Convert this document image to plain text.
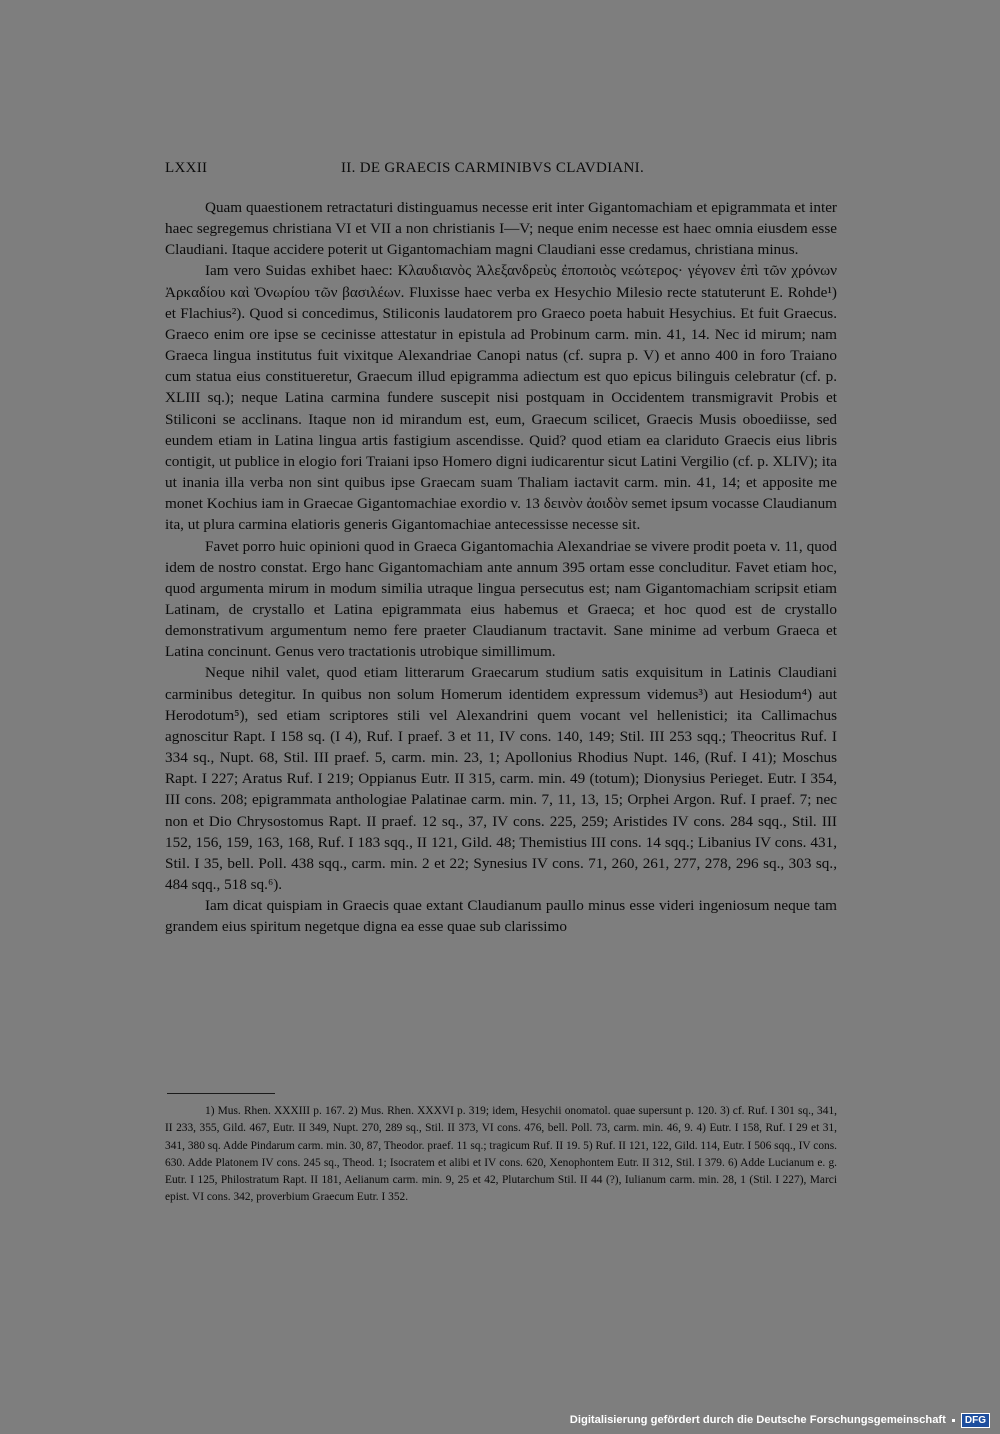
LXXII	II. DE GRAECIS CARMINIBVS CLAVDIANI.

Quam quaestionem retractaturi distinguamus necesse erit inter Gigantomachiam et epigrammata et inter haec segregemus christiana VI et VII a non christianis I—V; neque enim necesse est haec omnia eiusdem esse Claudiani. Itaque accidere poterit ut Gigantomachiam magni Claudiani esse credamus, christiana minus.

Iam vero Suidas exhibet haec: Κλαυδιανὸς Ἀλεξανδρεὺς ἐποποιὸς νεώτερος· γέγονεν ἐπὶ τῶν χρόνων Ἀρκαδίου καὶ Ὀνωρίου τῶν βασιλέων. Fluxisse haec verba ex Hesychio Milesio recte statuterunt E. Rohde¹) et Flachius²). Quod si concedimus, Stiliconis laudatorem pro Graeco poeta habuit Hesychius. Et fuit Graecus. Graeco enim ore ipse se cecinisse attestatur in epistula ad Probinum carm. min. 41, 14. Nec id mirum; nam Graeca lingua institutus fuit vixitque Alexandriae Canopi natus (cf. supra p. V) et anno 400 in foro Traiano cum statua eius constitueretur, Graecum illud epigramma adiectum est quo epicus bilinguis celebratur (cf. p. XLIII sq.); neque Latina carmina fundere suscepit nisi postquam in Occidentem transmigravit Probis et Stiliconi se acclinans. Itaque non id mirandum est, eum, Graecum scilicet, Graecis Musis oboediisse, sed eundem etiam in Latina lingua artis fastigium ascendisse. Quid? quod etiam ea clariduto Graecis eius libris contigit, ut publice in elogio fori Traiani ipso Homero digni iudicarentur sicut Latini Vergilio (cf. p. XLIV); ita ut inania illa verba non sint quibus ipse Graecam suam Thaliam iactavit carm. min. 41, 14; et apposite me monet Kochius iam in Graecae Gigantomachiae exordio v. 13 δεινὸν ἀοιδὸν semet ipsum vocasse Claudianum ita, ut plura carmina elatioris generis Gigantomachiae antecessisse necesse sit.

Favet porro huic opinioni quod in Graeca Gigantomachia Alexandriae se vivere prodit poeta v. 11, quod idem de nostro constat. Ergo hanc Gigantomachiam ante annum 395 ortam esse concluditur. Favet etiam hoc, quod argumenta mirum in modum similia utraque lingua persecutus est; nam Gigantomachiam scripsit etiam Latinam, de crystallo et Latina epigrammata eius habemus et Graeca; et hoc quod est de crystallo demonstrativum argumentum nemo fere praeter Claudianum tractavit. Sane minime ad verbum Graeca et Latina concinunt. Genus vero tractationis utrobique simillimum.

Neque nihil valet, quod etiam litterarum Graecarum studium satis exquisitum in Latinis Claudiani carminibus detegitur. In quibus non solum Homerum identidem expressum videmus³) aut Hesiodum⁴) aut Herodotum⁵), sed etiam scriptores stili vel Alexandrini quem vocant vel hellenistici; ita Callimachus agnoscitur Rapt. I 158 sq. (I 4), Ruf. I praef. 3 et 11, IV cons. 140, 149; Stil. III 253 sqq.; Theocritus Ruf. I 334 sq., Nupt. 68, Stil. III praef. 5, carm. min. 23, 1; Apollonius Rhodius Nupt. 146, (Ruf. I 41); Moschus Rapt. I 227; Aratus Ruf. I 219; Oppianus Eutr. II 315, carm. min. 49 (totum); Dionysius Perieget. Eutr. I 354, III cons. 208; epigrammata anthologiae Palatinae carm. min. 7, 11, 13, 15; Orphei Argon. Ruf. I praef. 7; nec non et Dio Chrysostomus Rapt. II praef. 12 sq., 37, IV cons. 225, 259; Aristides IV cons. 284 sqq., Stil. III 152, 156, 159, 163, 168, Ruf. I 183 sqq., II 121, Gild. 48; Themistius III cons. 14 sqq.; Libanius IV cons. 431, Stil. I 35, bell. Poll. 438 sqq., carm. min. 2 et 22; Synesius IV cons. 71, 260, 261, 277, 278, 296 sq., 303 sq., 484 sqq., 518 sq.⁶).

Iam dicat quispiam in Graecis quae extant Claudianum paullo minus esse videri ingeniosum neque tam grandem eius spiritum negetque digna ea esse quae sub clarissimo

1) Mus. Rhen. XXXIII p. 167. 2) Mus. Rhen. XXXVI p. 319; idem, Hesychii onomatol. quae supersunt p. 120. 3) cf. Ruf. I 301 sq., 341, II 233, 355, Gild. 467, Eutr. II 349, Nupt. 270, 289 sq., Stil. II 373, VI cons. 476, bell. Poll. 73, carm. min. 46, 9. 4) Eutr. I 158, Ruf. I 29 et 31, 341, 380 sq. Adde Pindarum carm. min. 30, 87, Theodor. praef. 11 sq.; tragicum Ruf. II 19. 5) Ruf. II 121, 122, Gild. 114, Eutr. I 506 sqq., IV cons. 630. Adde Platonem IV cons. 245 sq., Theod. 1; Isocratem et alibi et IV cons. 620, Xenophontem Eutr. II 312, Stil. I 379. 6) Adde Lucianum e. g. Eutr. I 125, Philostratum Rapt. II 181, Aelianum carm. min. 9, 25 et 42, Plutarchum Stil. II 44 (?), Iulianum carm. min. 28, 1 (Stil. I 227), Marci epist. VI cons. 342, proverbium Graecum Eutr. I 352.

Digitalisierung gefördert durch die Deutsche Forschungsgemeinschaft	DFG
